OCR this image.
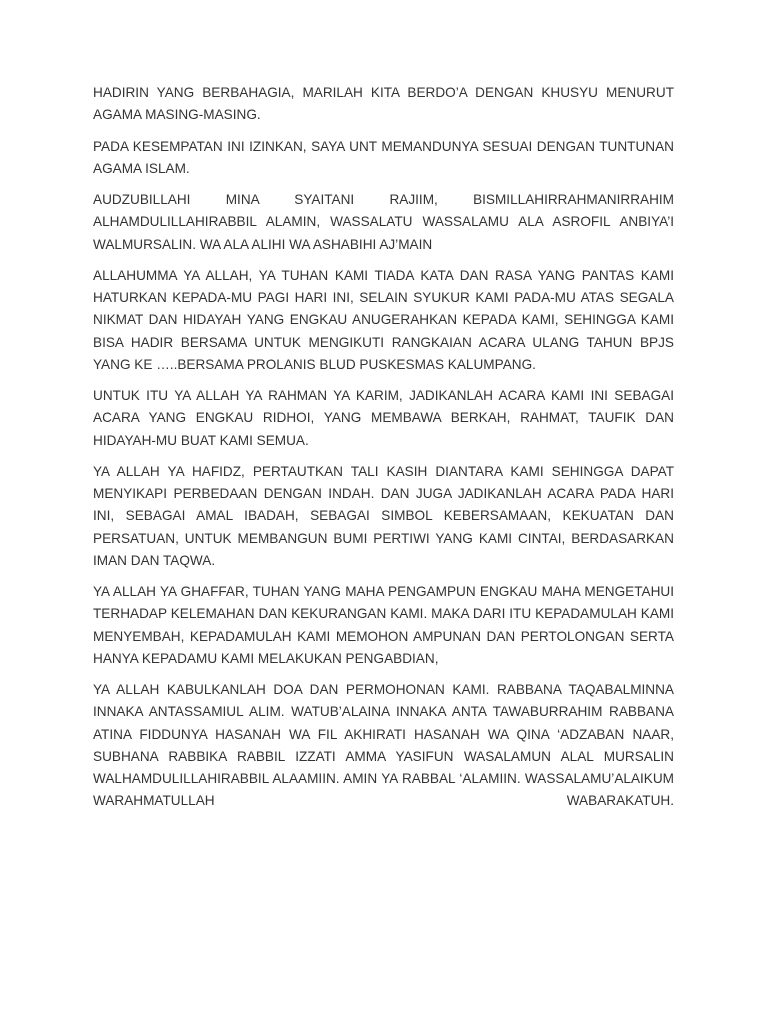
HADIRIN YANG BERBAHAGIA, MARILAH KITA BERDO’A DENGAN KHUSYU MENURUT AGAMA MASING-MASING.

PADA KESEMPATAN INI IZINKAN, SAYA UNT MEMANDUNYA SESUAI DENGAN TUNTUNAN AGAMA ISLAM.

AUDZUBILLAHI MINA SYAITANI RAJIIM, BISMILLAHIRRAHMANIRRAHIM ALHAMDULILLAHIRABBIL ALAMIN, WASSALATU WASSALAMU ALA ASROFIL ANBIYA’I WALMURSALIN. WA ALA ALIHI WA ASHABIHI AJ’MAIN

ALLAHUMMA YA ALLAH, YA TUHAN KAMI TIADA KATA DAN RASA YANG PANTAS KAMI HATURKAN KEPADA-MU PAGI HARI INI, SELAIN SYUKUR KAMI PADA-MU ATAS SEGALA NIKMAT DAN HIDAYAH YANG ENGKAU ANUGERAHKAN KEPADA KAMI, SEHINGGA KAMI BISA HADIR BERSAMA UNTUK MENGIKUTI RANGKAIAN ACARA ULANG TAHUN BPJS YANG KE …..BERSAMA PROLANIS BLUD PUSKESMAS KALUMPANG.

UNTUK ITU YA ALLAH YA RAHMAN YA KARIM, JADIKANLAH ACARA KAMI INI SEBAGAI ACARA YANG ENGKAU RIDHOI, YANG MEMBAWA BERKAH, RAHMAT, TAUFIK DAN HIDAYAH-MU BUAT KAMI SEMUA.

YA ALLAH YA HAFIDZ, PERTAUTKAN TALI KASIH DIANTARA KAMI SEHINGGA DAPAT MENYIKAPI PERBEDAAN DENGAN INDAH. DAN JUGA JADIKANLAH ACARA PADA HARI INI, SEBAGAI AMAL IBADAH, SEBAGAI SIMBOL KEBERSAMAAN, KEKUATAN DAN PERSATUAN, UNTUK MEMBANGUN BUMI PERTIWI YANG KAMI CINTAI, BERDASARKAN IMAN DAN TAQWA.

YA ALLAH YA GHAFFAR, TUHAN YANG MAHA PENGAMPUN ENGKAU MAHA MENGETAHUI TERHADAP KELEMAHAN DAN KEKURANGAN KAMI. MAKA DARI ITU KEPADAMULAH KAMI MENYEMBAH, KEPADAMULAH KAMI MEMOHON AMPUNAN DAN PERTOLONGAN SERTA HANYA KEPADAMU KAMI MELAKUKAN PENGABDIAN,

YA ALLAH KABULKANLAH DOA DAN PERMOHONAN KAMI. RABBANA TAQABALMINNA INNAKA ANTASSAMIUL ALIM. WATUB’ALAINA INNAKA ANTA TAWABURRAHIM RABBANA ATINA FIDDUNYA HASANAH WA FIL AKHIRATI HASANAH WA QINA ‘ADZABAN NAAR, SUBHANA RABBIKA RABBIL IZZATI AMMA YASIFUN WASALAMUN ALAL MURSALIN WALHAMDULILLAHIRABBIL ALAAMIIN. AMIN YA RABBAL ‘ALAMIIN. WASSALAMU’ALAIKUM WARAHMATULLAH WABARAKATUH.
